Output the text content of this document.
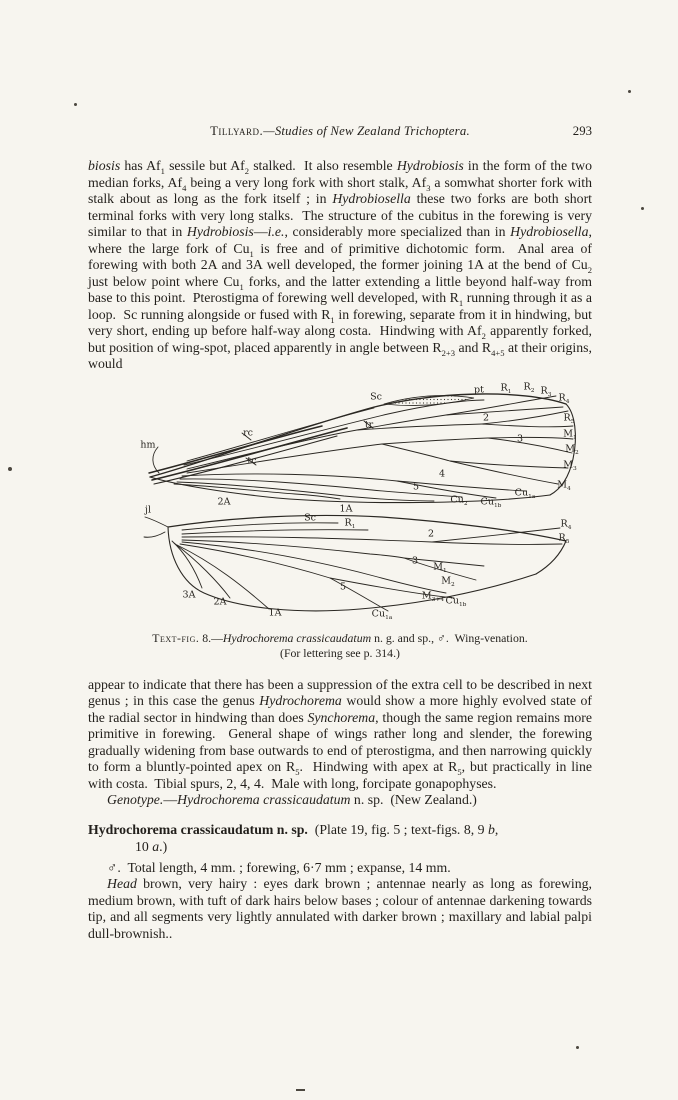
Tillyard.—Studies of New Zealand Trichoptera.	293

biosis has $Af_1$ sessile but $Af_2$ stalked.  It also resemble Hydrobiosis in the form of the two median forks, $Af_4$ being a very long fork with short stalk, $Af_3$ a somwhat shorter fork with stalk about as long as the fork itself ; in Hydrobiosella these two forks are both short terminal forks with very long stalks.  The structure of the cubitus in the forewing is very similar to that in Hydrobiosis—i.e., considerably more specialized than in Hydrobiosella, where the large fork of $Cu_1$ is free and of primitive dichotomic form.  Anal area of forewing with both 2A and 3A well developed, the former joining 1A at the bend of $Cu_2$ just below point where $Cu_1$ forks, and the latter extending a little beyond half-way from base to this point.  Pterostigma of forewing well developed, with $R_1$ running through it as a loop.  Sc running alongside or fused with $R_1$ in forewing, separate from it in hindwing, but very short, ending up before half-way along costa.  Hindwing with $Af_2$ apparently forked, but position of wing-spot, placed apparently in angle between $R_{2+3}$ and $R_{4+5}$ at their origins, would

hm
Sc
tr
rc
tc
pt $R_1$ $R_2$ $R_3$ $R_4$
2	$R_5$
$M_1$
3
$M_2$
$M_3$
4
$M_4$
5
$Cu_2$ $Cu_{1b}$
$Cu_{1a}$
2A
1A
jl
Sc	$R_1$	$R_4$
2	$R_5$
3
$M_1$
$M_2$
5
$M_{3+4}$ $Cu_{1b}$
$Cu_{1a}$
3A
2A
1A
Text-fig. 8.—Hydrochorema crassicaudatum n. g. and sp., ♂.  Wing-venation.
(For lettering see p. 314.)

appear to indicate that there has been a suppression of the extra cell to be described in next genus ; in this case the genus Hydrochorema would show a more highly evolved state of the radial sector in hindwing than does Synchorema, though the same region remains more primitive in forewing.  General shape of wings rather long and slender, the forewing gradually widening from base outwards to end of pterostigma, and then narrowing quickly to form a bluntly-pointed apex on $R_5$.  Hindwing with apex at $R_5$, but practically in line with costa.  Tibial spurs, 2, 4, 4.  Male with long, forcipate gonapophyses.

Genotype.—Hydrochorema crassicaudatum n. sp.  (New Zealand.)

Hydrochorema crassicaudatum n. sp.  (Plate 19, fig. 5 ; text-figs. 8, 9 b,
10 a.)

♂.  Total length, 4 mm. ; forewing, 6·7 mm ; expanse, 14 mm.

Head brown, very hairy : eyes dark brown ; antennae nearly as long as forewing, medium brown, with tuft of dark hairs below bases ; colour of antennae darkening towards tip, and all segments very lightly annulated with darker brown ; maxillary and labial palpi dull-brownish..
